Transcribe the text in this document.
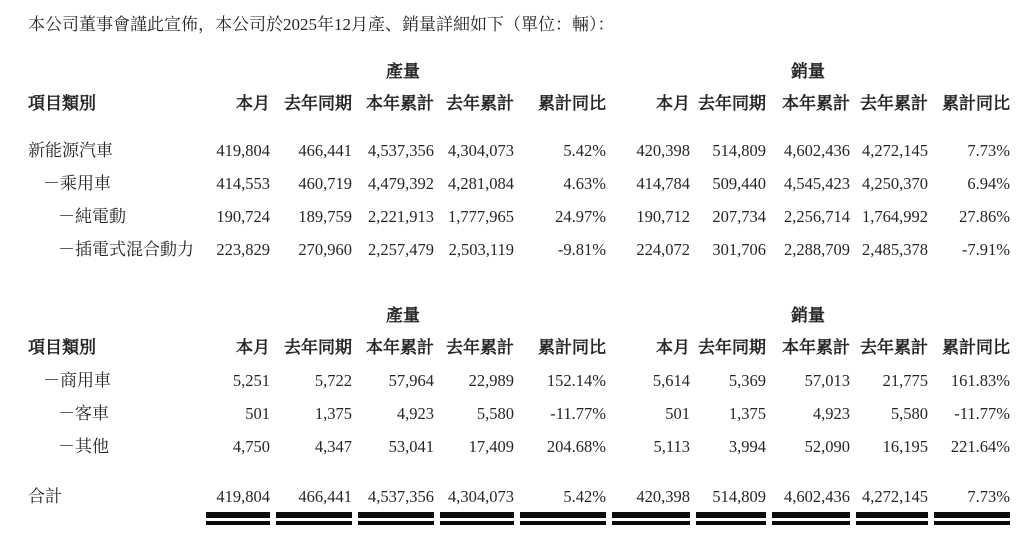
本公司董事會謹此宣佈，本公司於2025年12月產、銷量詳細如下（單位：輛）：

	產量					銷量				
項目類別	本月	去年同期	本年累計	去年累計	累計同比	本月	去年同期	本年累計	去年累計	累計同比
新能源汽車	419,804	466,441	4,537,356	4,304,073	5.42%	420,398	514,809	4,602,436	4,272,145	7.73%
－乘用車	414,553	460,719	4,479,392	4,281,084	4.63%	414,784	509,440	4,545,423	4,250,370	6.94%
－純電動	190,724	189,759	2,221,913	1,777,965	24.97%	190,712	207,734	2,256,714	1,764,992	27.86%
－插電式混合動力	223,829	270,960	2,257,479	2,503,119	-9.81%	224,072	301,706	2,288,709	2,485,378	-7.91%
	產量					銷量				
項目類別	本月	去年同期	本年累計	去年累計	累計同比	本月	去年同期	本年累計	去年累計	累計同比
－商用車	5,251	5,722	57,964	22,989	152.14%	5,614	5,369	57,013	21,775	161.83%
－客車	501	1,375	4,923	5,580	-11.77%	501	1,375	4,923	5,580	-11.77%
－其他	4,750	4,347	53,041	17,409	204.68%	5,113	3,994	52,090	16,195	221.64%
合計	419,804	466,441	4,537,356	4,304,073	5.42%	420,398	514,809	4,602,436	4,272,145	7.73%
